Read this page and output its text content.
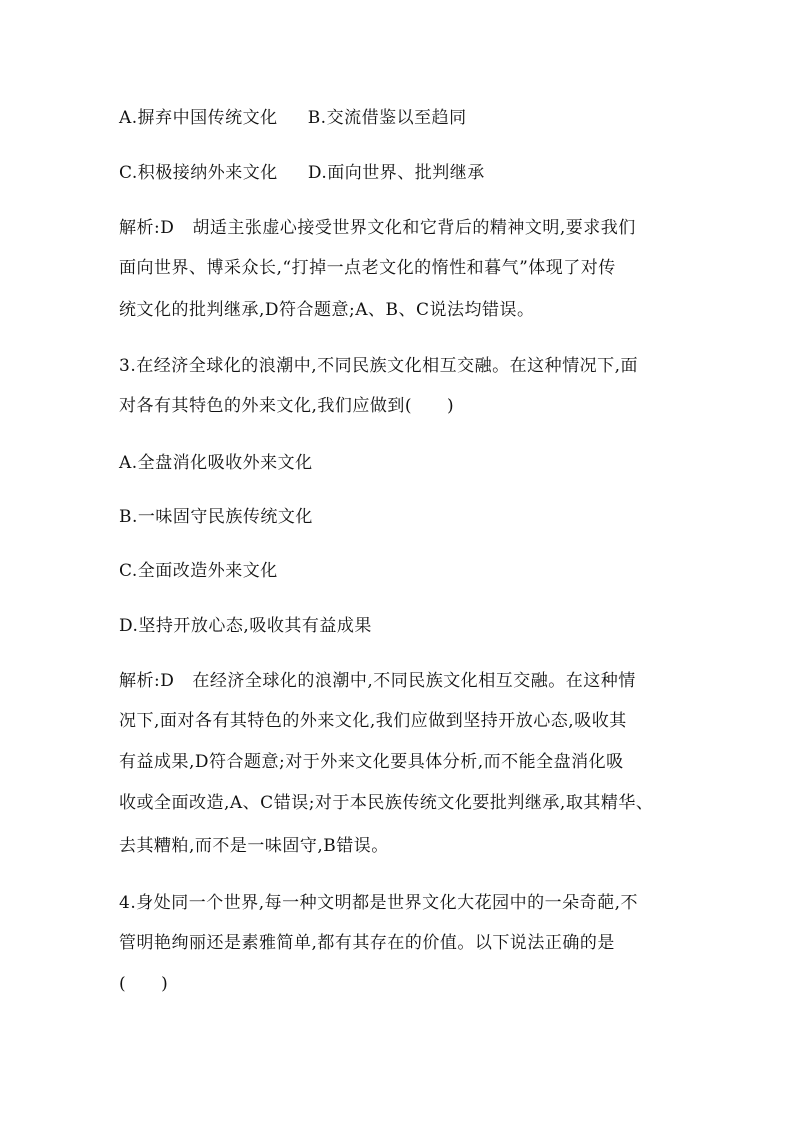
A.摒弃中国传统文化 B.交流借鉴以至趋同
C.积极接纳外来文化 D.面向世界、批判继承
解析:D 胡适主张虚心接受世界文化和它背后的精神文明,要求我们
面向世界、博采众长,“打掉一点老文化的惰性和暮气”体现了对传
统文化的批判继承,D符合题意;A、B、C说法均错误。
3.在经济全球化的浪潮中,不同民族文化相互交融。在这种情况下,面
对各有其特色的外来文化,我们应做到(　　)
A.全盘消化吸收外来文化
B.一味固守民族传统文化
C.全面改造外来文化
D.坚持开放心态,吸收其有益成果
解析:D 在经济全球化的浪潮中,不同民族文化相互交融。在这种情
况下,面对各有其特色的外来文化,我们应做到坚持开放心态,吸收其
有益成果,D符合题意;对于外来文化要具体分析,而不能全盘消化吸
收或全面改造,A、C错误;对于本民族传统文化要批判继承,取其精华、
去其糟粕,而不是一味固守,B错误。
4.身处同一个世界,每一种文明都是世界文化大花园中的一朵奇葩,不
管明艳绚丽还是素雅简单,都有其存在的价值。以下说法正确的是
(　　)
